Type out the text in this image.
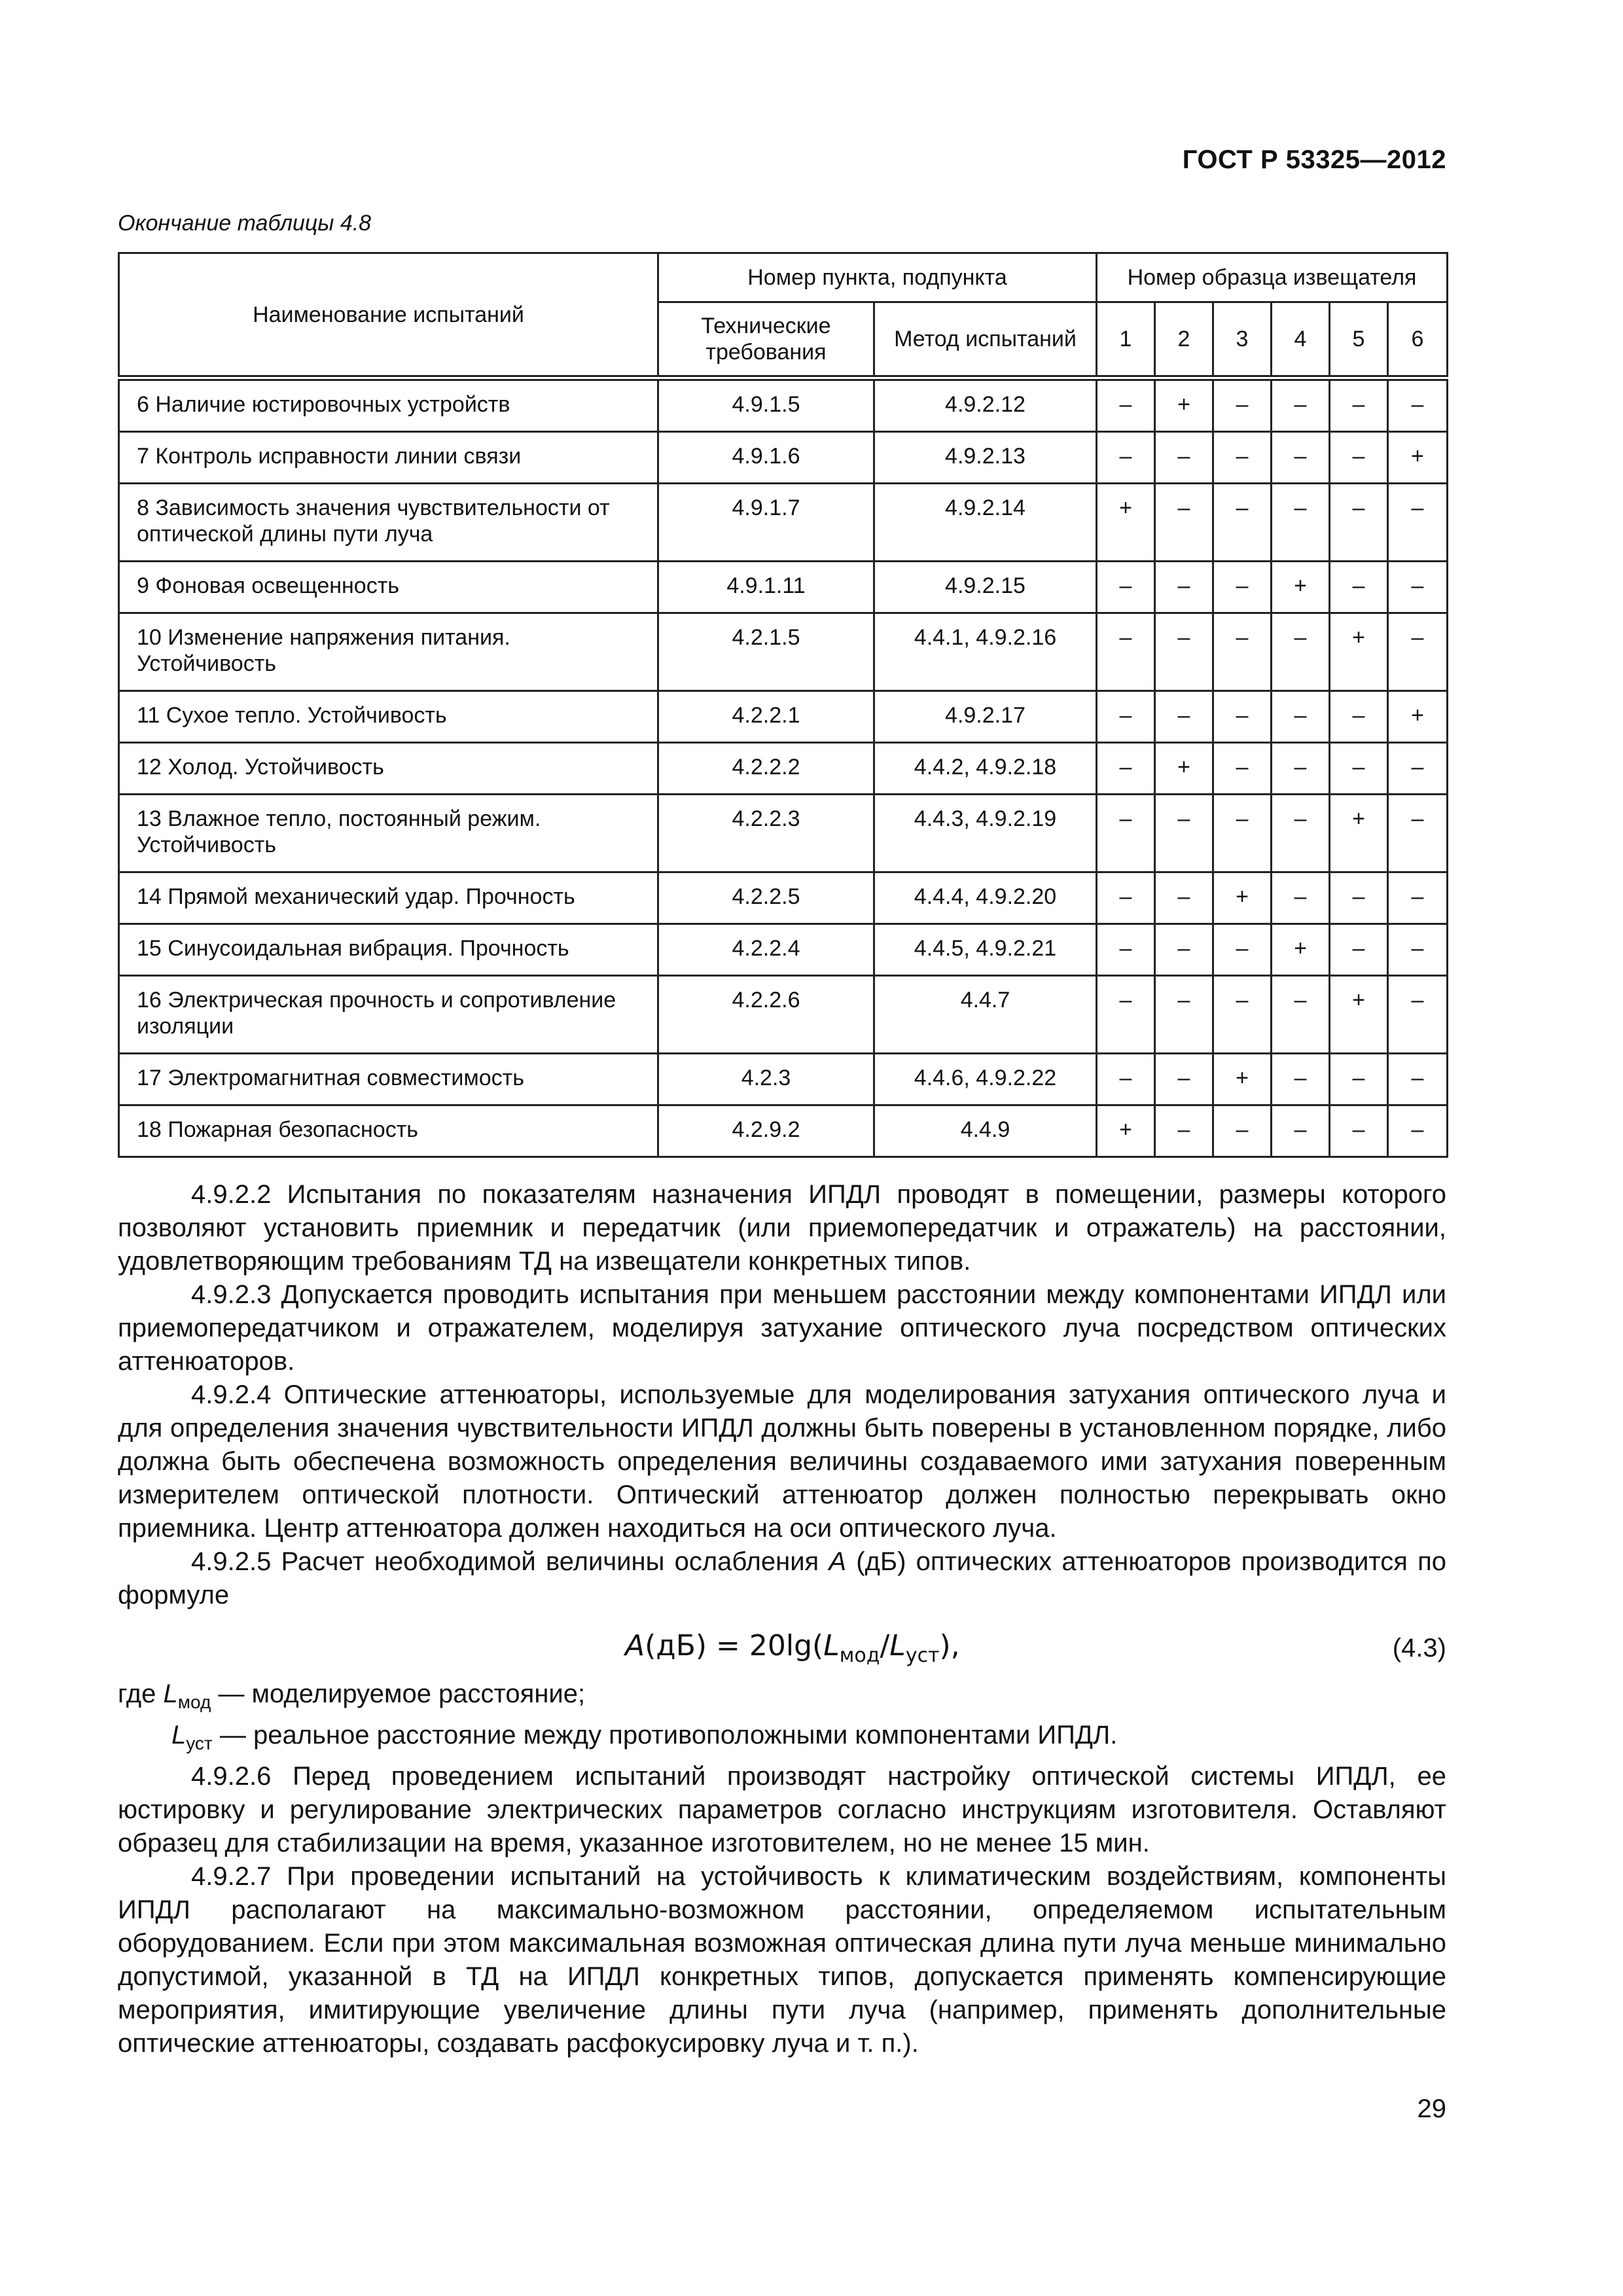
ГОСТ Р 53325—2012
Окончание таблицы 4.8
Наименование испытаний	Номер пункта, подпункта		Номер образца извещателя					
	Технические требования	Метод испытаний	1	2	3	4	5	6
6 Наличие юстировочных устройств	4.9.1.5	4.9.2.12	–	+	–	–	–	–
7 Контроль исправности линии связи	4.9.1.6	4.9.2.13	–	–	–	–	–	+
8 Зависимость значения чувствительности от оптической длины пути луча	4.9.1.7	4.9.2.14	+	–	–	–	–	–
9 Фоновая освещенность	4.9.1.11	4.9.2.15	–	–	–	+	–	–
10 Изменение напряжения питания. Устойчивость	4.2.1.5	4.4.1, 4.9.2.16	–	–	–	–	+	–
11 Сухое тепло. Устойчивость	4.2.2.1	4.9.2.17	–	–	–	–	–	+
12 Холод. Устойчивость	4.2.2.2	4.4.2, 4.9.2.18	–	+	–	–	–	–
13 Влажное тепло, постоянный режим. Устойчивость	4.2.2.3	4.4.3, 4.9.2.19	–	–	–	–	+	–
14 Прямой механический удар. Прочность	4.2.2.5	4.4.4, 4.9.2.20	–	–	+	–	–	–
15 Синусоидальная вибрация. Прочность	4.2.2.4	4.4.5, 4.9.2.21	–	–	–	+	–	–
16 Электрическая прочность и сопротивление изоляции	4.2.2.6	4.4.7	–	–	–	–	+	–
17 Электромагнитная совместимость	4.2.3	4.4.6, 4.9.2.22	–	–	+	–	–	–
18 Пожарная безопасность	4.2.9.2	4.4.9	+	–	–	–	–	–

4.9.2.2 Испытания по показателям назначения ИПДЛ проводят в помещении, размеры которого позволяют установить приемник и передатчик (или приемопередатчик и отражатель) на расстоянии, удовлетворяющим требованиям ТД на извещатели конкретных типов.

4.9.2.3 Допускается проводить испытания при меньшем расстоянии между компонентами ИПДЛ или приемопередатчиком и отражателем, моделируя затухание оптического луча посредством оптических аттенюаторов.

4.9.2.4 Оптические аттенюаторы, используемые для моделирования затухания оптического луча и для определения значения чувствительности ИПДЛ должны быть поверены в установленном порядке, либо должна быть обеспечена возможность определения величины создаваемого ими затухания поверенным измерителем оптической плотности. Оптический аттенюатор должен полностью перекрывать окно приемника. Центр аттенюатора должен находиться на оси оптического луча.

4.9.2.5 Расчет необходимой величины ослабления A (дБ) оптических аттенюаторов производится по формуле

$A(дБ) = 20\lg(L_{мод}/L_{уст})$,	(4.3)

где $L_{мод}$ — моделируемое расстояние;

$L_{уст}$ — реальное расстояние между противоположными компонентами ИПДЛ.

4.9.2.6 Перед проведением испытаний производят настройку оптической системы ИПДЛ, ее юстировку и регулирование электрических параметров согласно инструкциям изготовителя. Оставляют образец для стабилизации на время, указанное изготовителем, но не менее 15 мин.

4.9.2.7 При проведении испытаний на устойчивость к климатическим воздействиям, компоненты ИПДЛ располагают на максимально-возможном расстоянии, определяемом испытательным оборудованием. Если при этом максимальная возможная оптическая длина пути луча меньше минимально допустимой, указанной в ТД на ИПДЛ конкретных типов, допускается применять компенсирующие мероприятия, имитирующие увеличение длины пути луча (например, применять дополнительные оптические аттенюаторы, создавать расфокусировку луча и т. п.).

29
